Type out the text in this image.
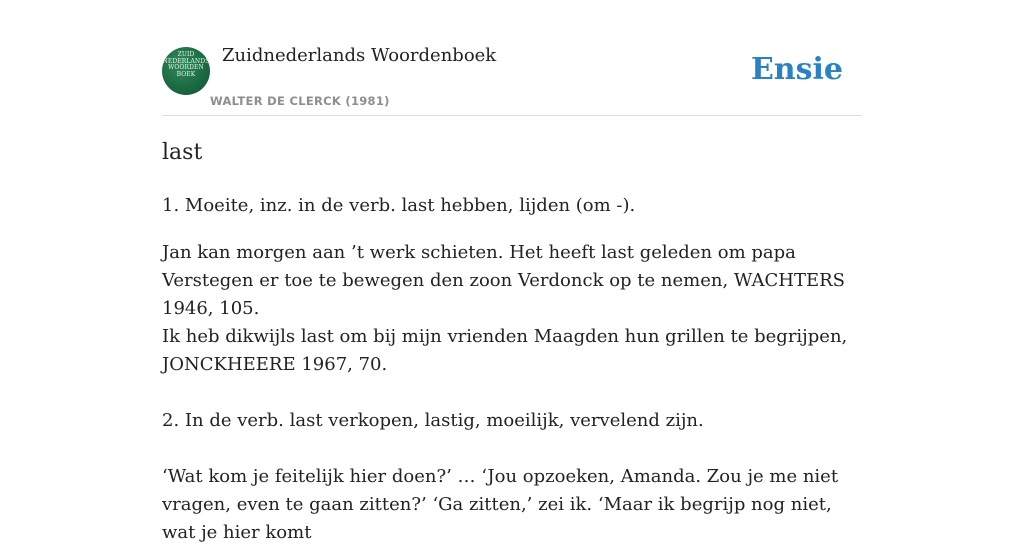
ZUID
NEDERLANDS
WOORDEN
BOEK
Zuidnederlands Woordenboek
WALTER DE CLERCK (1981)
Ensie
last

1. Moeite, inz. in de verb. last hebben, lijden (om -).

Jan kan morgen aan ’t werk schieten. Het heeft last geleden om papa Verstegen er toe te bewegen den zoon Verdonck op te nemen, WACHTERS 1946, 105.

Ik heb dikwijls last om bij mijn vrienden Maagden hun grillen te begrijpen, JONCKHEERE 1967, 70.

2. In de verb. last verkopen, lastig, moeilijk, vervelend zijn.

‘Wat kom je feitelijk hier doen?’ … ‘Jou opzoeken, Amanda. Zou je me niet vragen, even te gaan zitten?’ ‘Ga zitten,’ zei ik. ‘Maar ik begrijp nog niet, wat je hier komt
